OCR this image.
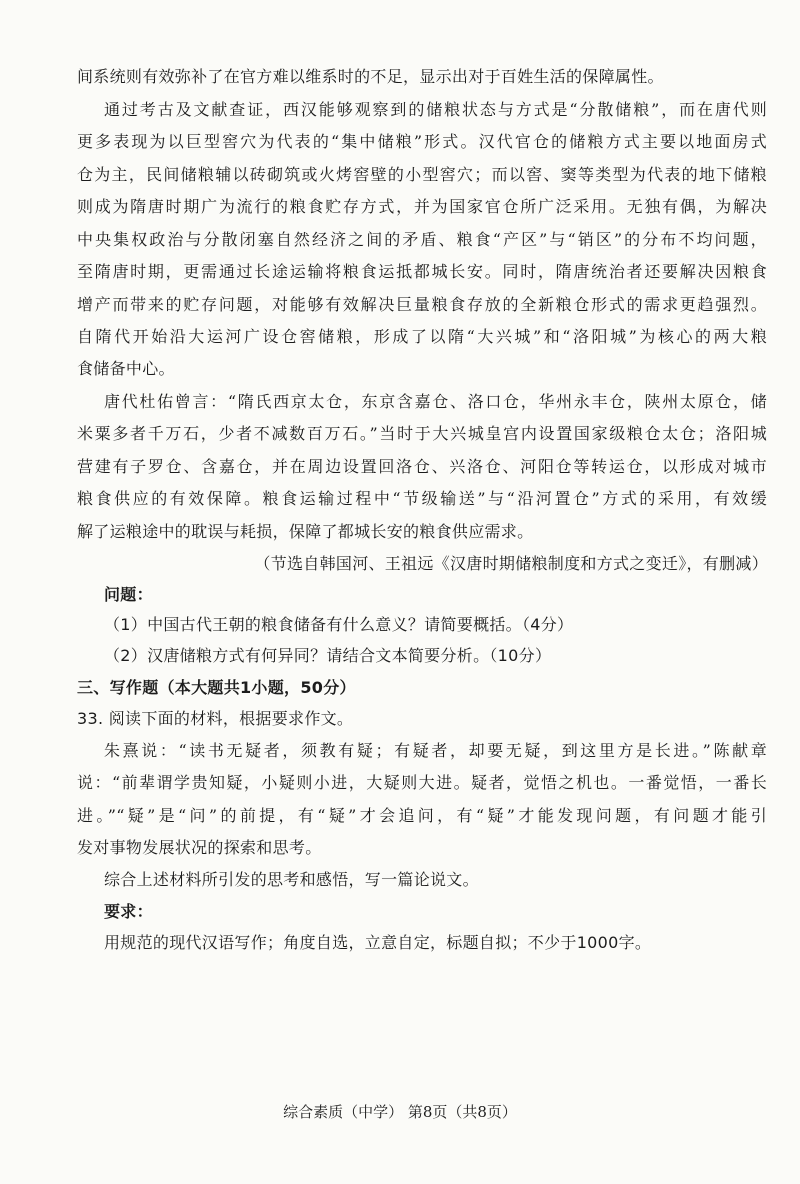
间系统则有效弥补了在官方难以维系时的不足，显示出对于百姓生活的保障属性。
通过考古及文献查证，西汉能够观察到的储粮状态与方式是“分散储粮”，而在唐代则
更多表现为以巨型窖穴为代表的“集中储粮”形式。汉代官仓的储粮方式主要以地面房式
仓为主，民间储粮辅以砖砌筑或火烤窖壁的小型窖穴；而以窖、窦等类型为代表的地下储粮
则成为隋唐时期广为流行的粮食贮存方式，并为国家官仓所广泛采用。无独有偶，为解决
中央集权政治与分散闭塞自然经济之间的矛盾、粮食“产区”与“销区”的分布不均问题，
至隋唐时期，更需通过长途运输将粮食运抵都城长安。同时，隋唐统治者还要解决因粮食
增产而带来的贮存问题，对能够有效解决巨量粮食存放的全新粮仓形式的需求更趋强烈。
自隋代开始沿大运河广设仓窖储粮，形成了以隋“大兴城”和“洛阳城”为核心的两大粮
食储备中心。
唐代杜佑曾言：“隋氏西京太仓，东京含嘉仓、洛口仓，华州永丰仓，陕州太原仓，储
米粟多者千万石，少者不减数百万石。”当时于大兴城皇宫内设置国家级粮仓太仓；洛阳城
营建有子罗仓、含嘉仓，并在周边设置回洛仓、兴洛仓、河阳仓等转运仓，以形成对城市
粮食供应的有效保障。粮食运输过程中“节级输送”与“沿河置仓”方式的采用，有效缓
解了运粮途中的耽误与耗损，保障了都城长安的粮食供应需求。
（节选自韩国河、王祖远《汉唐时期储粮制度和方式之变迁》，有删减）
问题：
（1）中国古代王朝的粮食储备有什么意义？请简要概括。（4分）
（2）汉唐储粮方式有何异同？请结合文本简要分析。（10分）
三、写作题（本大题共1小题，50分）
33. 阅读下面的材料，根据要求作文。
朱熹说：“读书无疑者，须教有疑；有疑者，却要无疑，到这里方是长进。”陈献章
说：“前辈谓学贵知疑，小疑则小进，大疑则大进。疑者，觉悟之机也。一番觉悟，一番长
进。”“疑”是“问”的前提，有“疑”才会追问，有“疑”才能发现问题，有问题才能引
发对事物发展状况的探索和思考。
综合上述材料所引发的思考和感悟，写一篇论说文。
要求：
用规范的现代汉语写作；角度自选，立意自定，标题自拟；不少于1000字。
综合素质（中学） 第8页（共8页）
